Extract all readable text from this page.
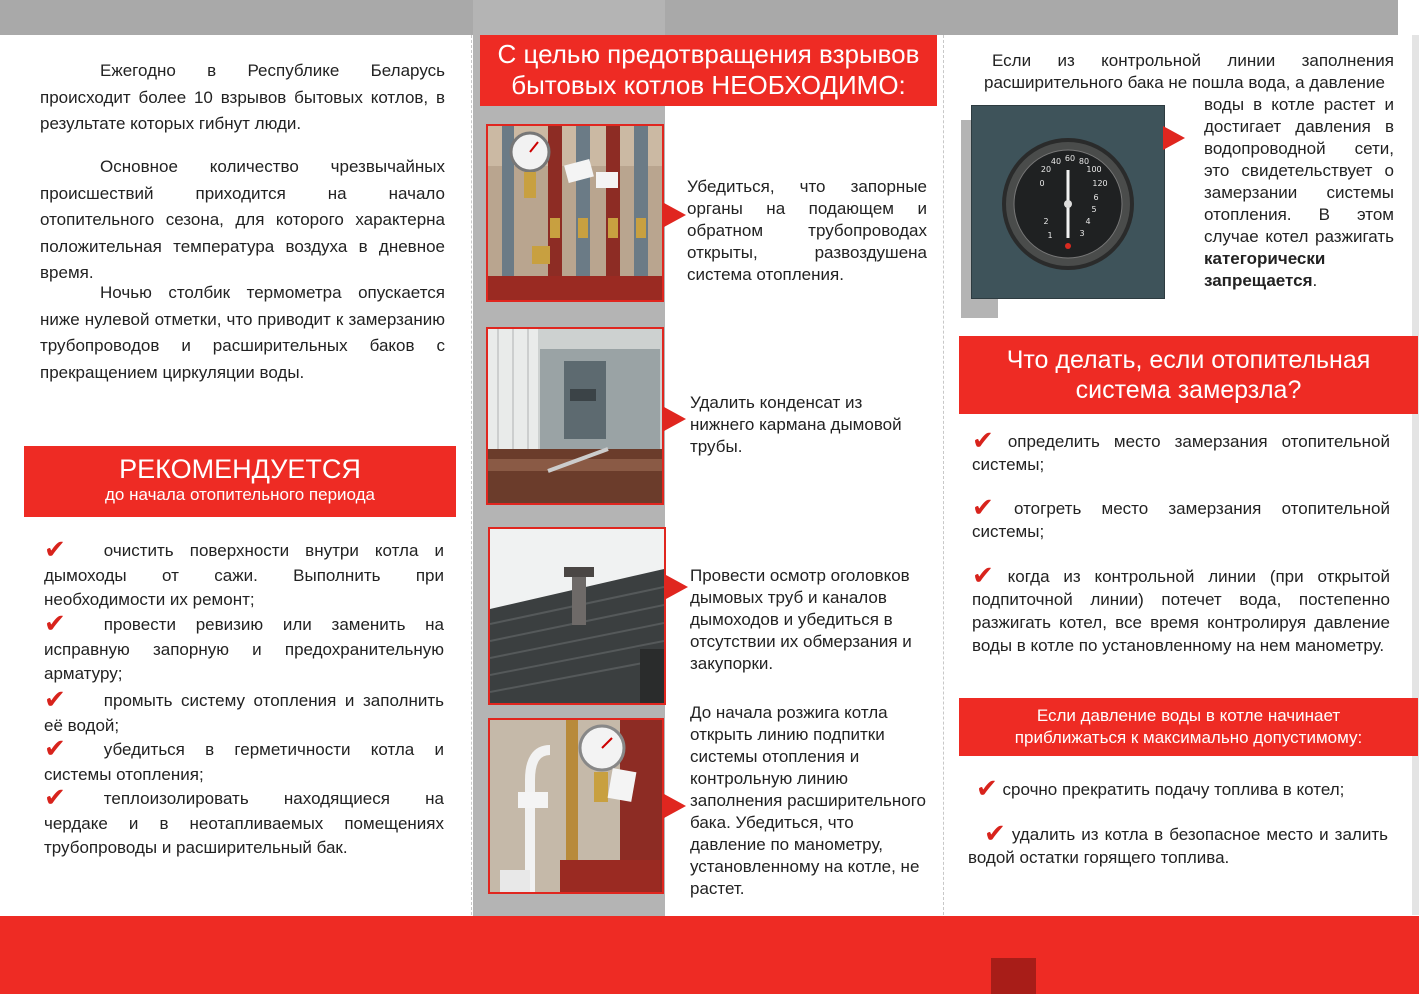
Ежегодно в Республике Беларусь происходит более 10 взрывов бытовых котлов, в результате которых гибнут люди.
Основное количество чрезвычайных происшествий приходится на начало отопительного сезона, для которого характерна положительная температура воздуха в дневное время.
Ночью столбик термометра опускается ниже нулевой отметки, что приводит к замерзанию трубопроводов и расширительных баков с прекращением циркуляции воды.
РЕКОМЕНДУЕТСЯ
до начала отопительного периода
✔ очистить поверхности внутри котла и дымоходы от сажи. Выполнить при необходимости их ремонт;
✔ провести ревизию или заменить на исправную запорную и предохранительную арматуру;
✔ промыть систему отопления и заполнить её водой;
✔ убедиться в герметичности котла и системы отопления;
✔ теплоизолировать находящиеся на чердаке и в неотапливаемых помещениях трубопроводы и расширительный бак.
С целью предотвращения взрывов
бытовых котлов НЕОБХОДИМО:
Убедиться, что запорные органы на подающем и обратном трубопроводах открыты, развоздушена система отопления.
Удалить конденсат из нижнего кармана дымовой трубы.
Провести осмотр оголовков дымовых труб и каналов дымоходов и убедиться в отсутствии их обмерзания и закупорки.
До начала розжига котла открыть линию подпитки системы отопления и контрольную линию заполнения расширительного бака. Убедиться, что давление по манометру, установленному на котле, не растет.
Если из контрольной линии заполнения расширительного бака не пошла вода, а давление
20
40 60 80
100
120
0
2
1
4
5
3
6
воды в котле растет и достигает давления в водопроводной сети, это свидетельствует о замерзании системы отопления. В этом случае котел разжигать категорически запрещается.
Что делать, если отопительная
система замерзла?
✔ определить место замерзания отопительной системы;
✔ отогреть место замерзания отопительной системы;
✔ когда из контрольной линии (при открытой подпиточной линии) потечет вода, постепенно разжигать котел, все время контролируя давление воды в котле по установленному на нем манометру.
Если давление воды в котле начинает
приближаться к максимально допустимому:
✔ срочно прекратить подачу топлива в котел;
✔ удалить из котла в безопасное место и залить водой остатки горящего топлива.
